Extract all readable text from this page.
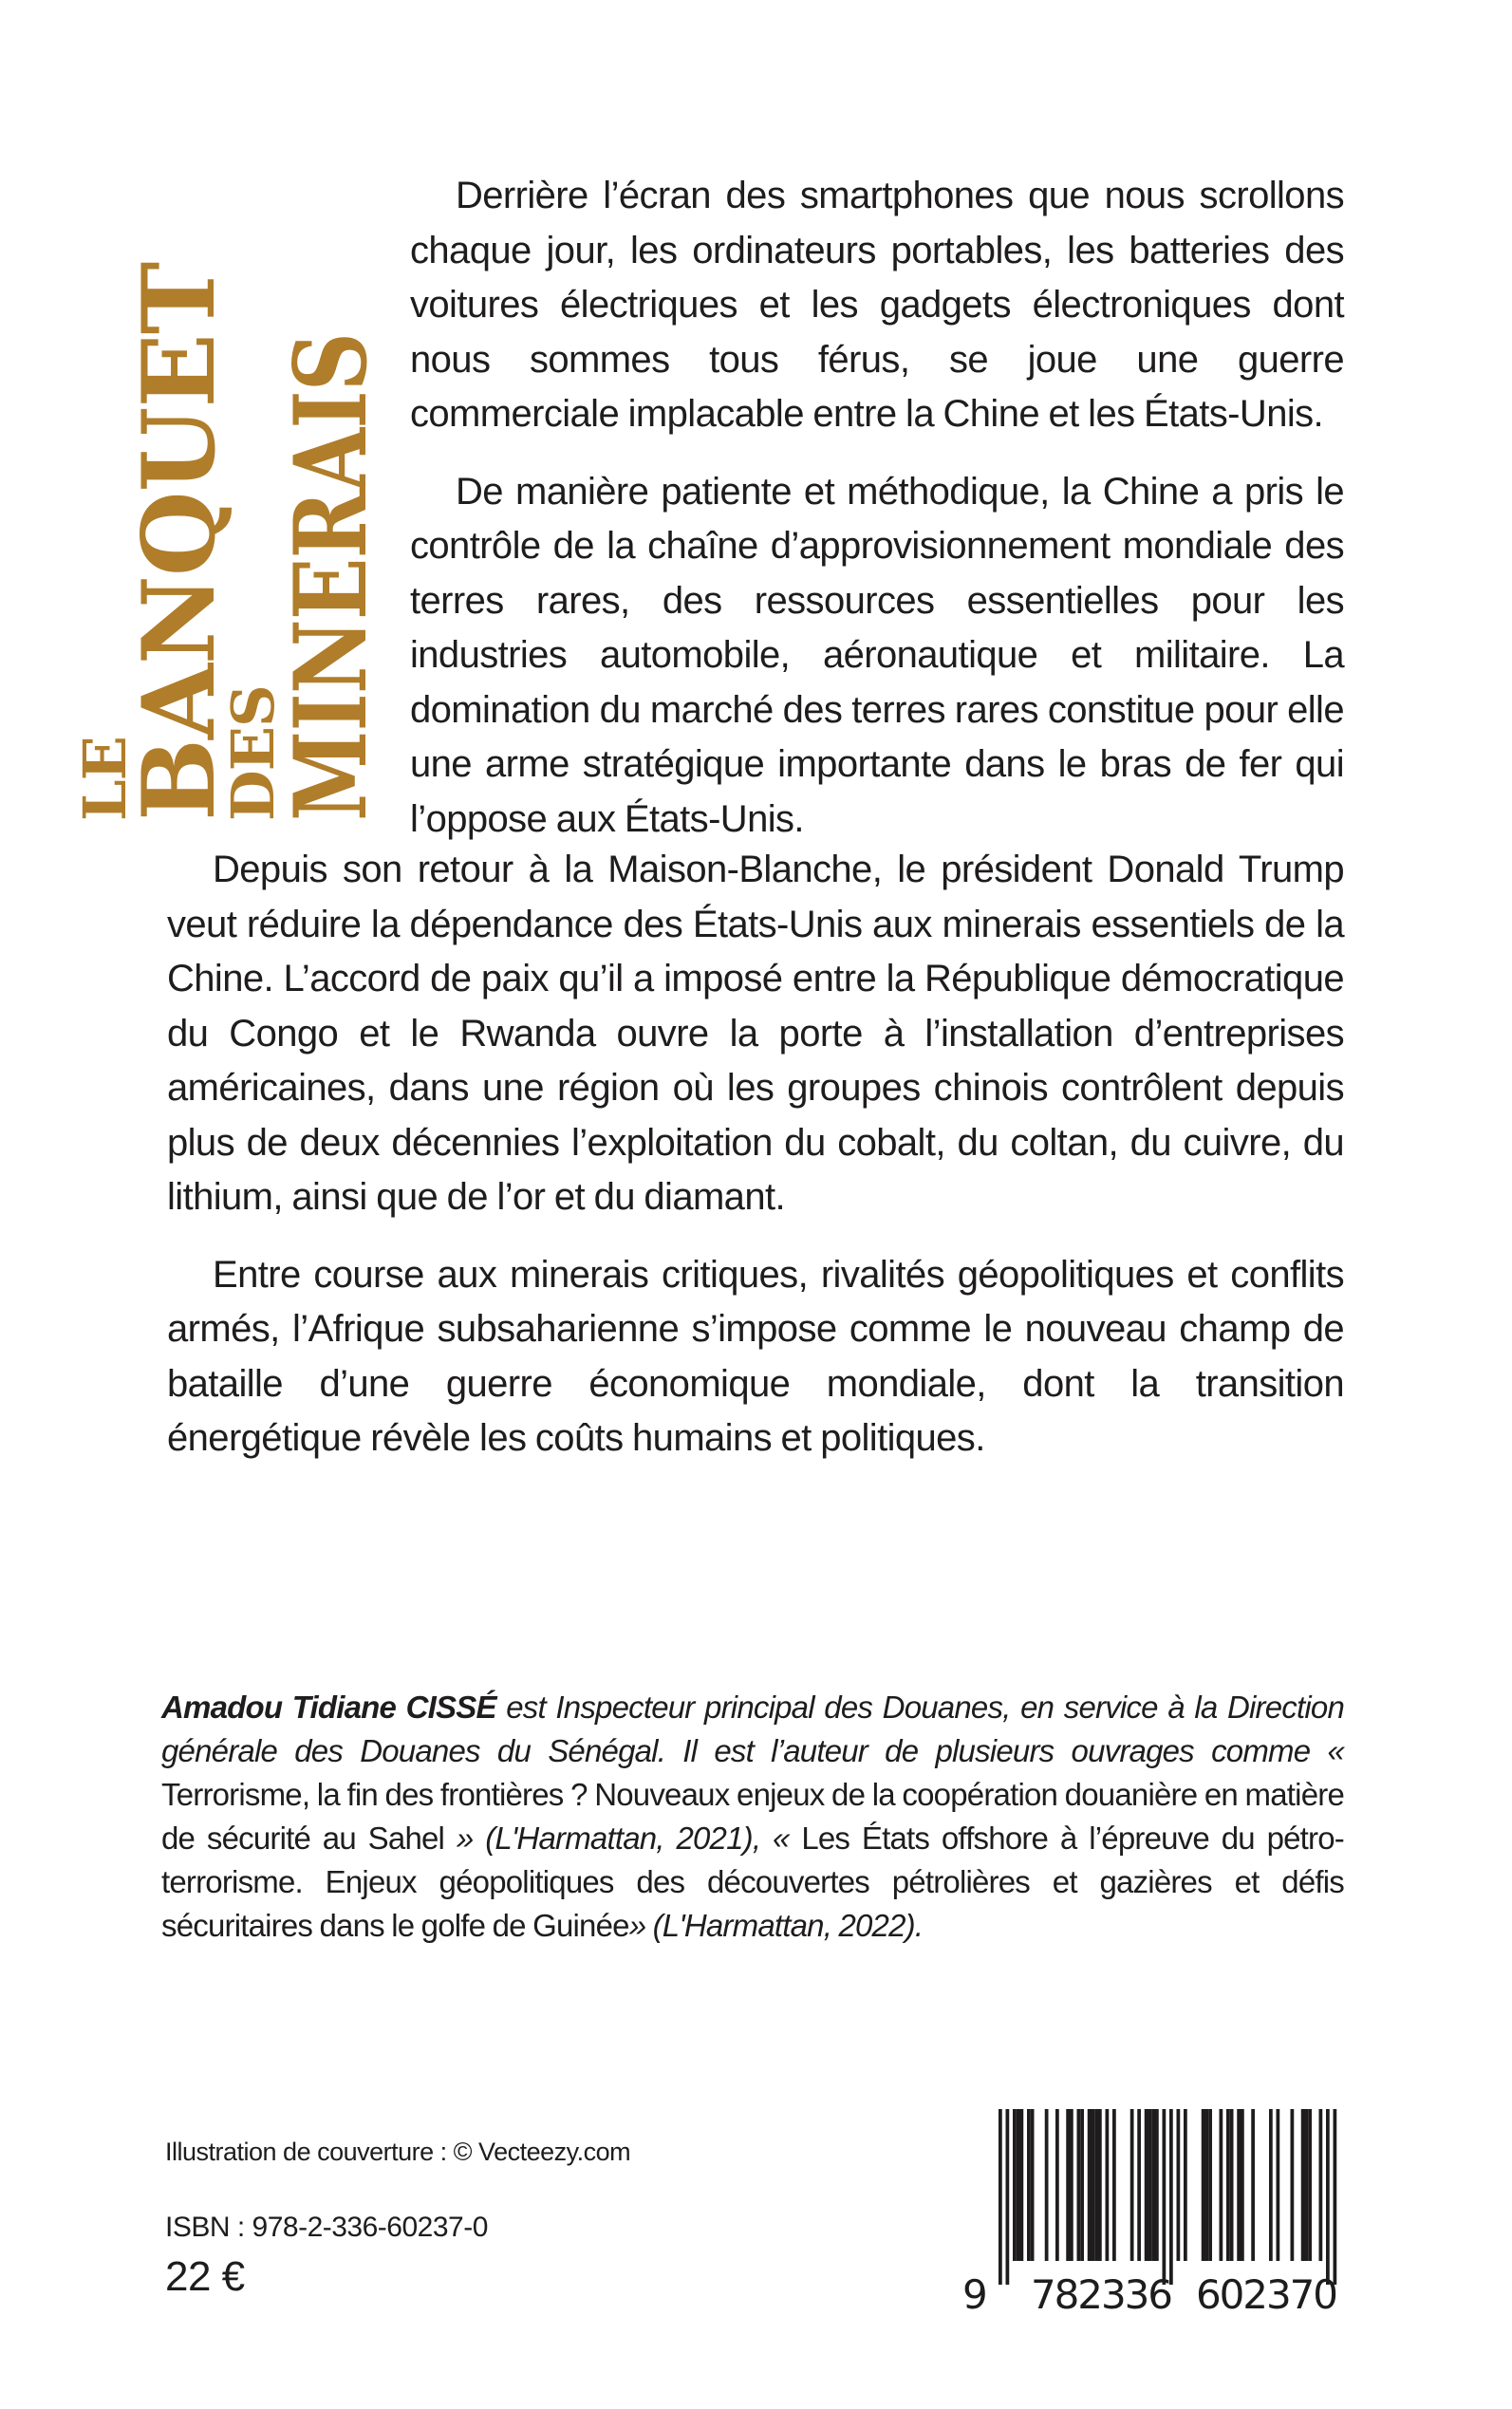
LE
BANQUET
DES
MINERAIS

Derrière l’écran des smartphones que nous scrollons chaque jour, les ordinateurs portables, les batteries des voitures électriques et les gadgets électroniques dont nous sommes tous férus, se joue une guerre commerciale implacable entre la Chine et les États-Unis.

De manière patiente et méthodique, la Chine a pris le contrôle de la chaîne d’approvisionnement mondiale des terres rares, des ressources essentielles pour les industries automobile, aéronautique et militaire. La domination du marché des terres rares constitue pour elle une arme stratégique importante dans le bras de fer qui l’oppose aux États-Unis.

Depuis son retour à la Maison-Blanche, le président Donald Trump veut réduire la dépendance des États-Unis aux minerais essentiels de la Chine. L’accord de paix qu’il a imposé entre la République démocratique du Congo et le Rwanda ouvre la porte à l’installation d’entreprises américaines, dans une région où les groupes chinois contrôlent depuis plus de deux décennies l’exploitation du cobalt, du coltan, du cuivre, du lithium, ainsi que de l’or et du diamant.

Entre course aux minerais critiques, rivalités géopolitiques et conflits armés, l’Afrique subsaharienne s’impose comme le nouveau champ de bataille d’une guerre économique mondiale, dont la transition énergétique révèle les coûts humains et politiques.

Amadou Tidiane CISSÉ est Inspecteur principal des Douanes, en service à la Direction générale des Douanes du Sénégal. Il est l’auteur de plusieurs ouvrages comme « Terrorisme, la fin des frontières ? Nouveaux enjeux de la coopération douanière en matière de sécurité au Sahel » (L'Harmattan, 2021), « Les États offshore à l’épreuve du pétro-terrorisme. Enjeux géopolitiques des découvertes pétrolières et gazières et défis sécuritaires dans le golfe de Guinée» (L'Harmattan, 2022).

Illustration de couverture : © Vecteezy.com
ISBN : 978-2-336-60237-0
22 €	9 782336 602370
